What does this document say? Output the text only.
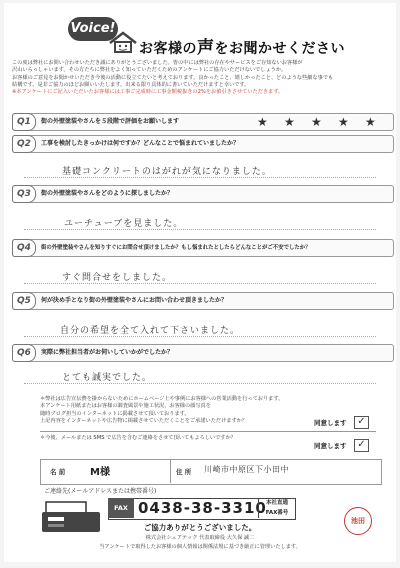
Voice!
お客様の声をお聞かせください

この度は弊社にお問い合わせいただき誠にありがとうございました。皆の中には弊社の存在やサービスをご存知ないお客様が

沢山いらっしゃいます。その方たちに弊社をよく知っていただくためのアンケートにご協力いただけないでしょうか。

お客様のご意見をお聞かせいただき今後の活動に役立てたいと考えております。良かったこと、嬉しかったこと、どのような些細な事でも

結構です。是非ご協力のほどお願いいたします。出来る限り具体的に書いていただけますと幸いです。

※本アンケートにご記入いただいたお客様には工事ご完成時に工事金額税抜きの2%をお値引きさせていただきます。

Q1	街の外壁塗装やさんを５段階で評価をお願いします	★ ★ ★ ★ ★
Q2	工事を検討したきっかけは何ですか？どんなことで悩まれていましたか？
基礎コンクリートのはがれが気になりました。
Q3	街の外壁塗装やさんをどのように探しましたか？
ユーチューブを見ました。
Q4	街の外壁塗装やさんを知りすぐにお問合せ頂けましたか？もし悩まれたとしたらどんなことがご不安でしたか？
すぐ問合せをしました。
Q5	何が決め手となり街の外壁塗装やさんにお問い合わせ頂きましたか？
自分の希望を全て入れて下さいました。
Q6	実際に弊社担当者がお伺いしていかがでしたか？
とても誠実でした。

＊弊社は広告宣伝費を掛からないためにホームページ上や事例にお客様への営業活動を行っております。

本アンケート用紙またはお客様の調査風景や施工状況、お客様の顔写真を

随時ブログ担当のインターネットに掲載させて頂いております。

上記内容をインターネットや広告物に掲載させていただくことをご承諾いただけますか？	同意します ✓

＊今後、メールまたは SMS で広告を含むご連絡をさせて頂いてもよろしいですか？

同意します ✓
名 前 M様	住 所 川崎市中原区下小田中
ご連絡先(メールアドレスまたは携帯番号)
FAX 0438-38-3310 本社直通
FAX番号
池田
ご協力ありがとうございました。
株式会社シェアテック 代表取締役 大久保 誠二
当アンケートで取得したお客様の個人情報は関係法規に基づき厳正に管理いたします。
